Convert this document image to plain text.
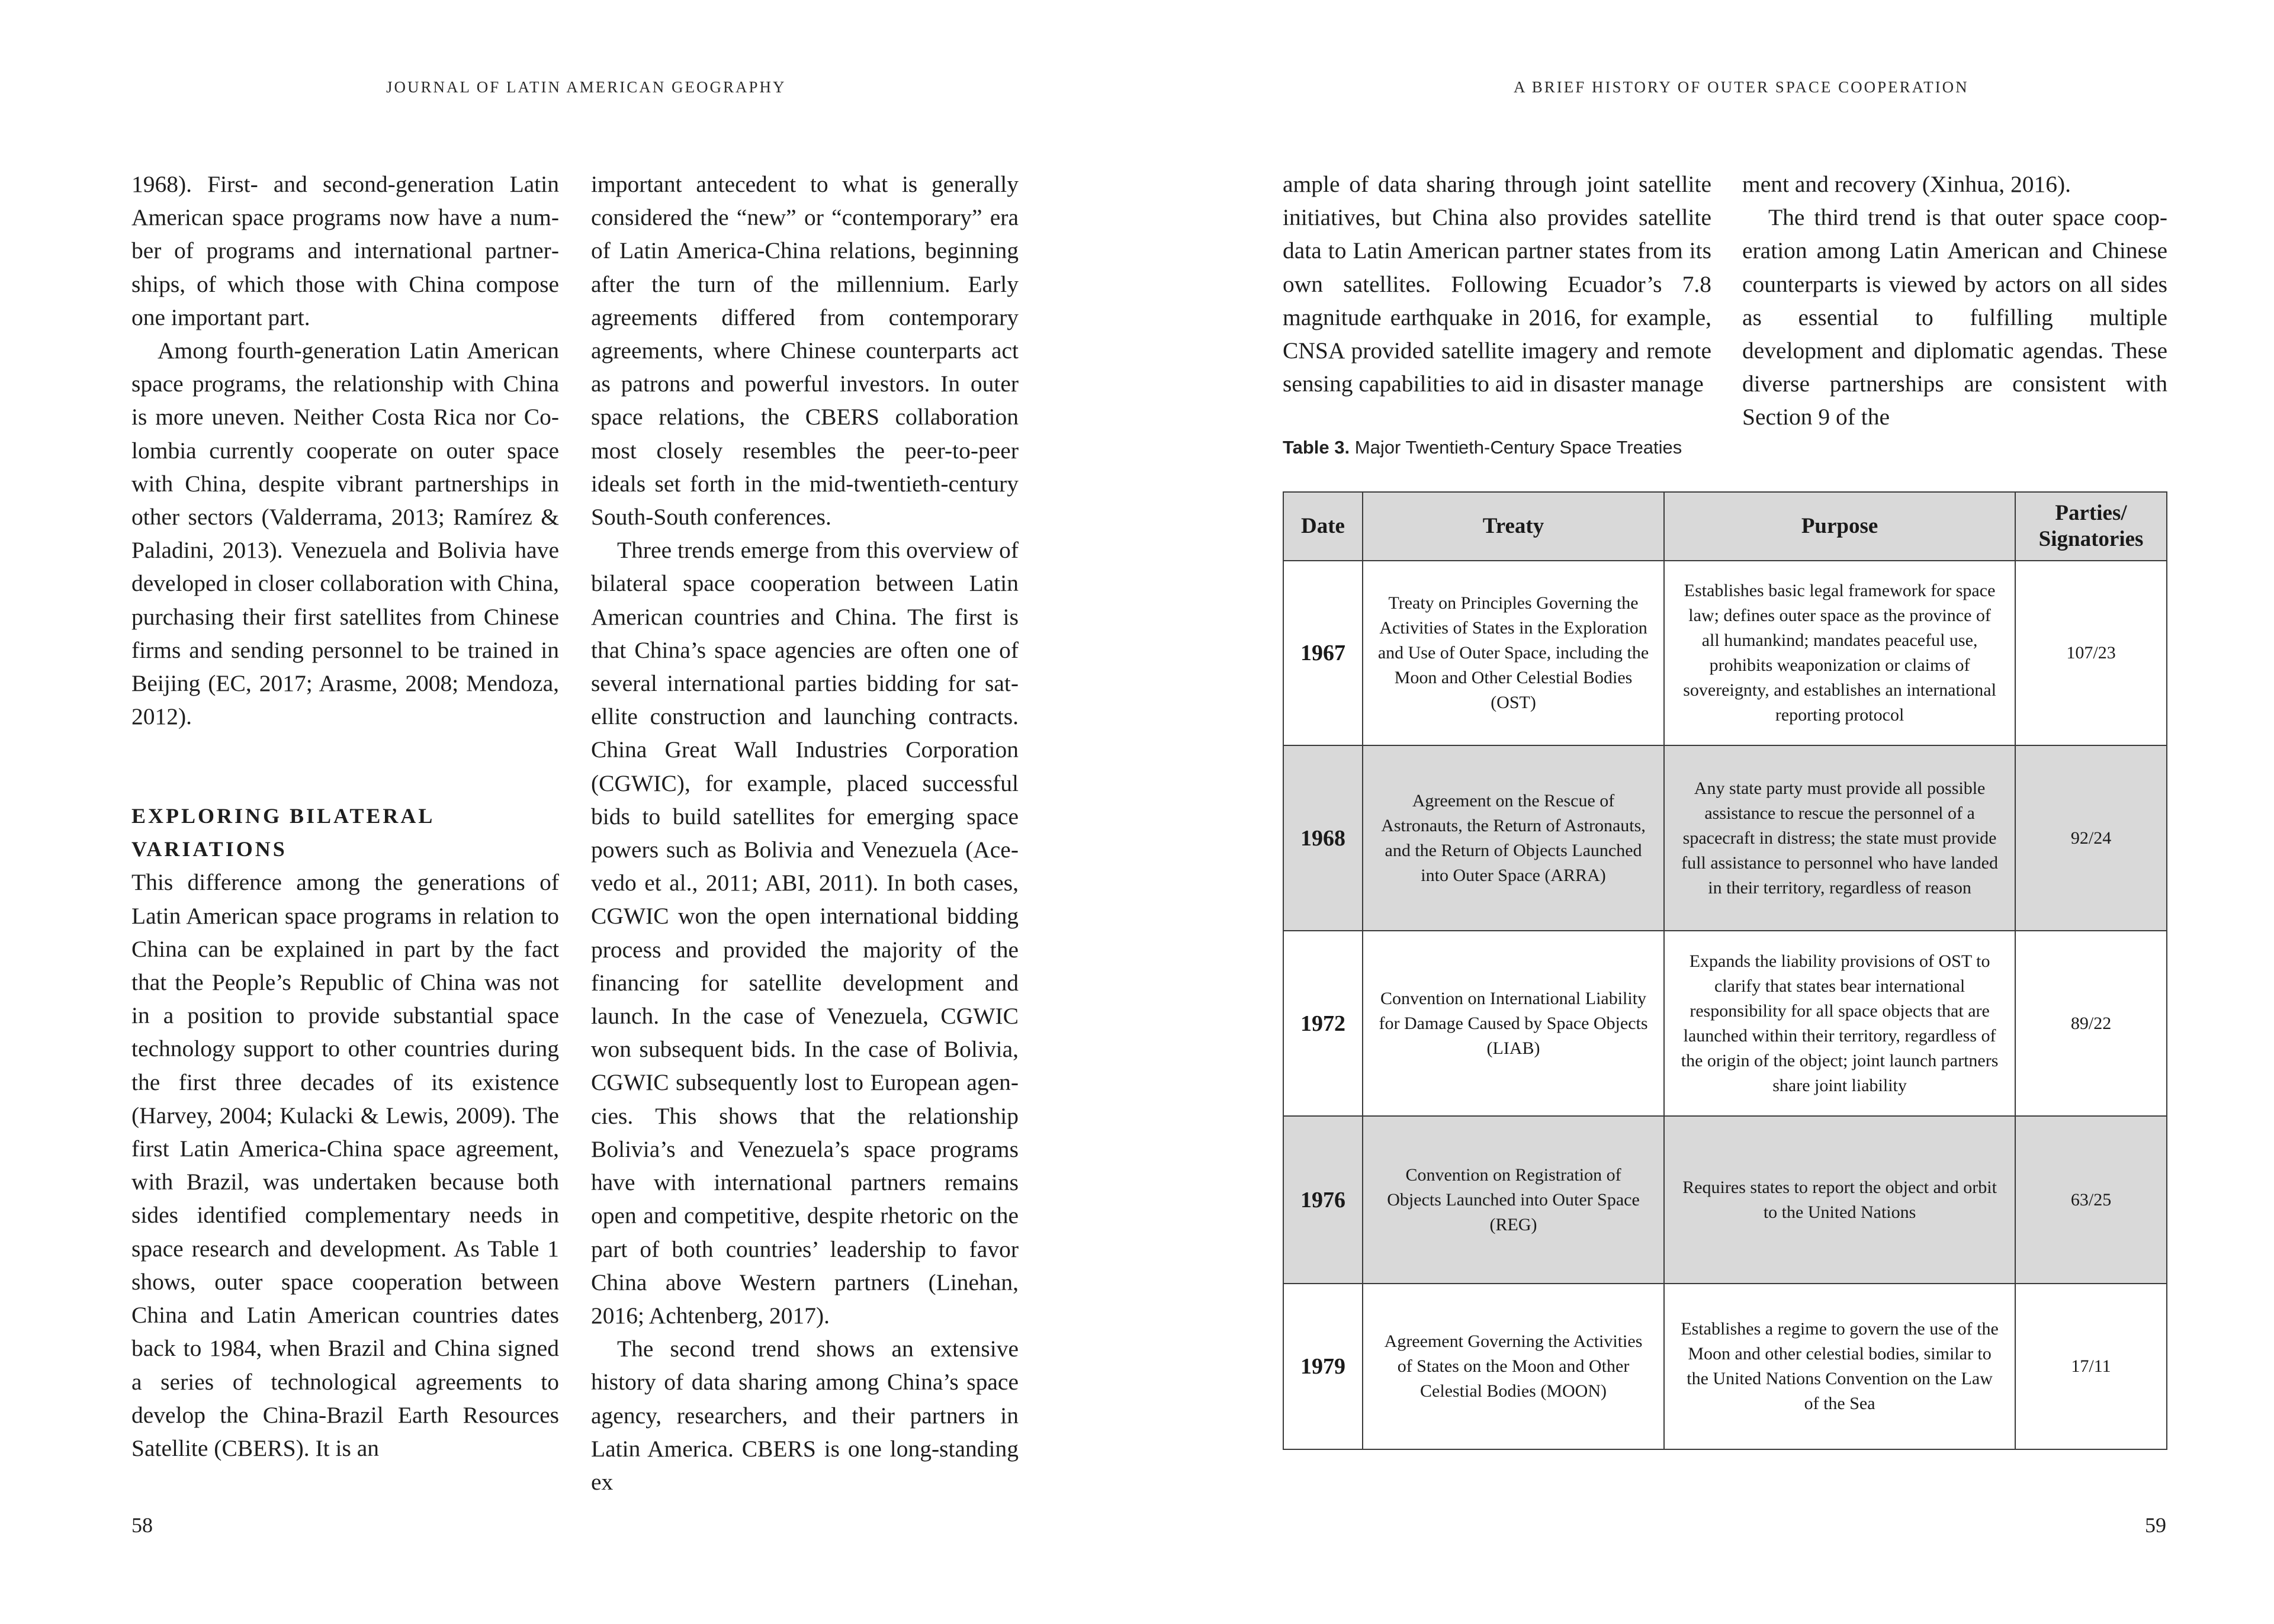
JOURNAL OF LATIN AMERICAN GEOGRAPHY

1968). First- and second-generation Latin American space programs now have a number of programs and international partnerships, of which those with China compose one important part.

Among fourth-generation Latin American space programs, the relationship with China is more uneven. Neither Costa Rica nor Colombia currently cooperate on outer space with China, despite vibrant partnerships in other sectors (Valderrama, 2013; Ramírez & Paladini, 2013). Venezuela and Bolivia have developed in closer collaboration with China, purchasing their first satellites from Chinese firms and sending personnel to be trained in Beijing (EC, 2017; Arasme, 2008; Mendoza, 2012).

EXPLORING BILATERAL VARIATIONS

This difference among the generations of Latin American space programs in relation to China can be explained in part by the fact that the People’s Republic of China was not in a position to provide substantial space technology support to other countries during the first three decades of its existence (Harvey, 2004; Kulacki & Lewis, 2009). The first Latin America-China space agreement, with Brazil, was undertaken because both sides identified complementary needs in space research and development. As Table 1 shows, outer space cooperation between China and Latin American countries dates back to 1984, when Brazil and China signed a series of technological agreements to develop the China-Brazil Earth Resources Satellite (CBERS). It is an

important antecedent to what is generally considered the “new” or “contemporary” era of Latin America-China relations, beginning after the turn of the millennium. Early agreements differed from contemporary agreements, where Chinese counterparts act as patrons and powerful investors. In outer space relations, the CBERS collaboration most closely resembles the peer-to-peer ideals set forth in the mid-twentieth-century South-South conferences.

Three trends emerge from this overview of bilateral space cooperation between Latin American countries and China. The first is that China’s space agencies are often one of several international parties bidding for satellite construction and launching contracts. China Great Wall Industries Corporation (CGWIC), for example, placed successful bids to build satellites for emerging space powers such as Bolivia and Venezuela (Acevedo et al., 2011; ABI, 2011). In both cases, CGWIC won the open international bidding process and provided the majority of the financing for satellite development and launch. In the case of Venezuela, CGWIC won subsequent bids. In the case of Bolivia, CGWIC subsequently lost to European agencies. This shows that the relationship Bolivia’s and Venezuela’s space programs have with international partners remains open and competitive, despite rhetoric on the part of both countries’ leadership to favor China above Western partners (Linehan, 2016; Achtenberg, 2017).

The second trend shows an extensive history of data sharing among China’s space agency, researchers, and their partners in Latin America. CBERS is one long-standing ex

58
A BRIEF HISTORY OF OUTER SPACE COOPERATION

ample of data sharing through joint satellite initiatives, but China also provides satellite data to Latin American partner states from its own satellites. Following Ecuador’s 7.8 magnitude earthquake in 2016, for example, CNSA provided satellite imagery and remote sensing capabilities to aid in disaster manage

ment and recovery (Xinhua, 2016).

The third trend is that outer space cooperation among Latin American and Chinese counterparts is viewed by actors on all sides as essential to fulfilling multiple development and diplomatic agendas. These diverse partnerships are consistent with Section 9 of the

Table 3. Major Twentieth-Century Space Treaties
Date	Treaty	Purpose	Parties/ Signatories
1967	Treaty on Principles Governing the Activities of States in the Exploration and Use of Outer Space, including the Moon and Other Celestial Bodies (OST)	Establishes basic legal framework for space law; defines outer space as the province of all humankind; mandates peaceful use, prohibits weaponization or claims of sovereignty, and establishes an international reporting protocol	107/23
1968	Agreement on the Rescue of Astronauts, the Return of Astronauts, and the Return of Objects Launched into Outer Space (ARRA)	Any state party must provide all possible assistance to rescue the personnel of a spacecraft in distress; the state must provide full assistance to personnel who have landed in their territory, regardless of reason	92/24
1972	Convention on International Liability for Damage Caused by Space Objects (LIAB)	Expands the liability provisions of OST to clarify that states bear international responsibility for all space objects that are launched within their territory, regardless of the origin of the object; joint launch partners share joint liability	89/22
1976	Convention on Registration of Objects Launched into Outer Space (REG)	Requires states to report the object and orbit to the United Nations	63/25
1979	Agreement Governing the Activities of States on the Moon and Other Celestial Bodies (MOON)	Establishes a regime to govern the use of the Moon and other celestial bodies, similar to the United Nations Convention on the Law of the Sea	17/11
59
